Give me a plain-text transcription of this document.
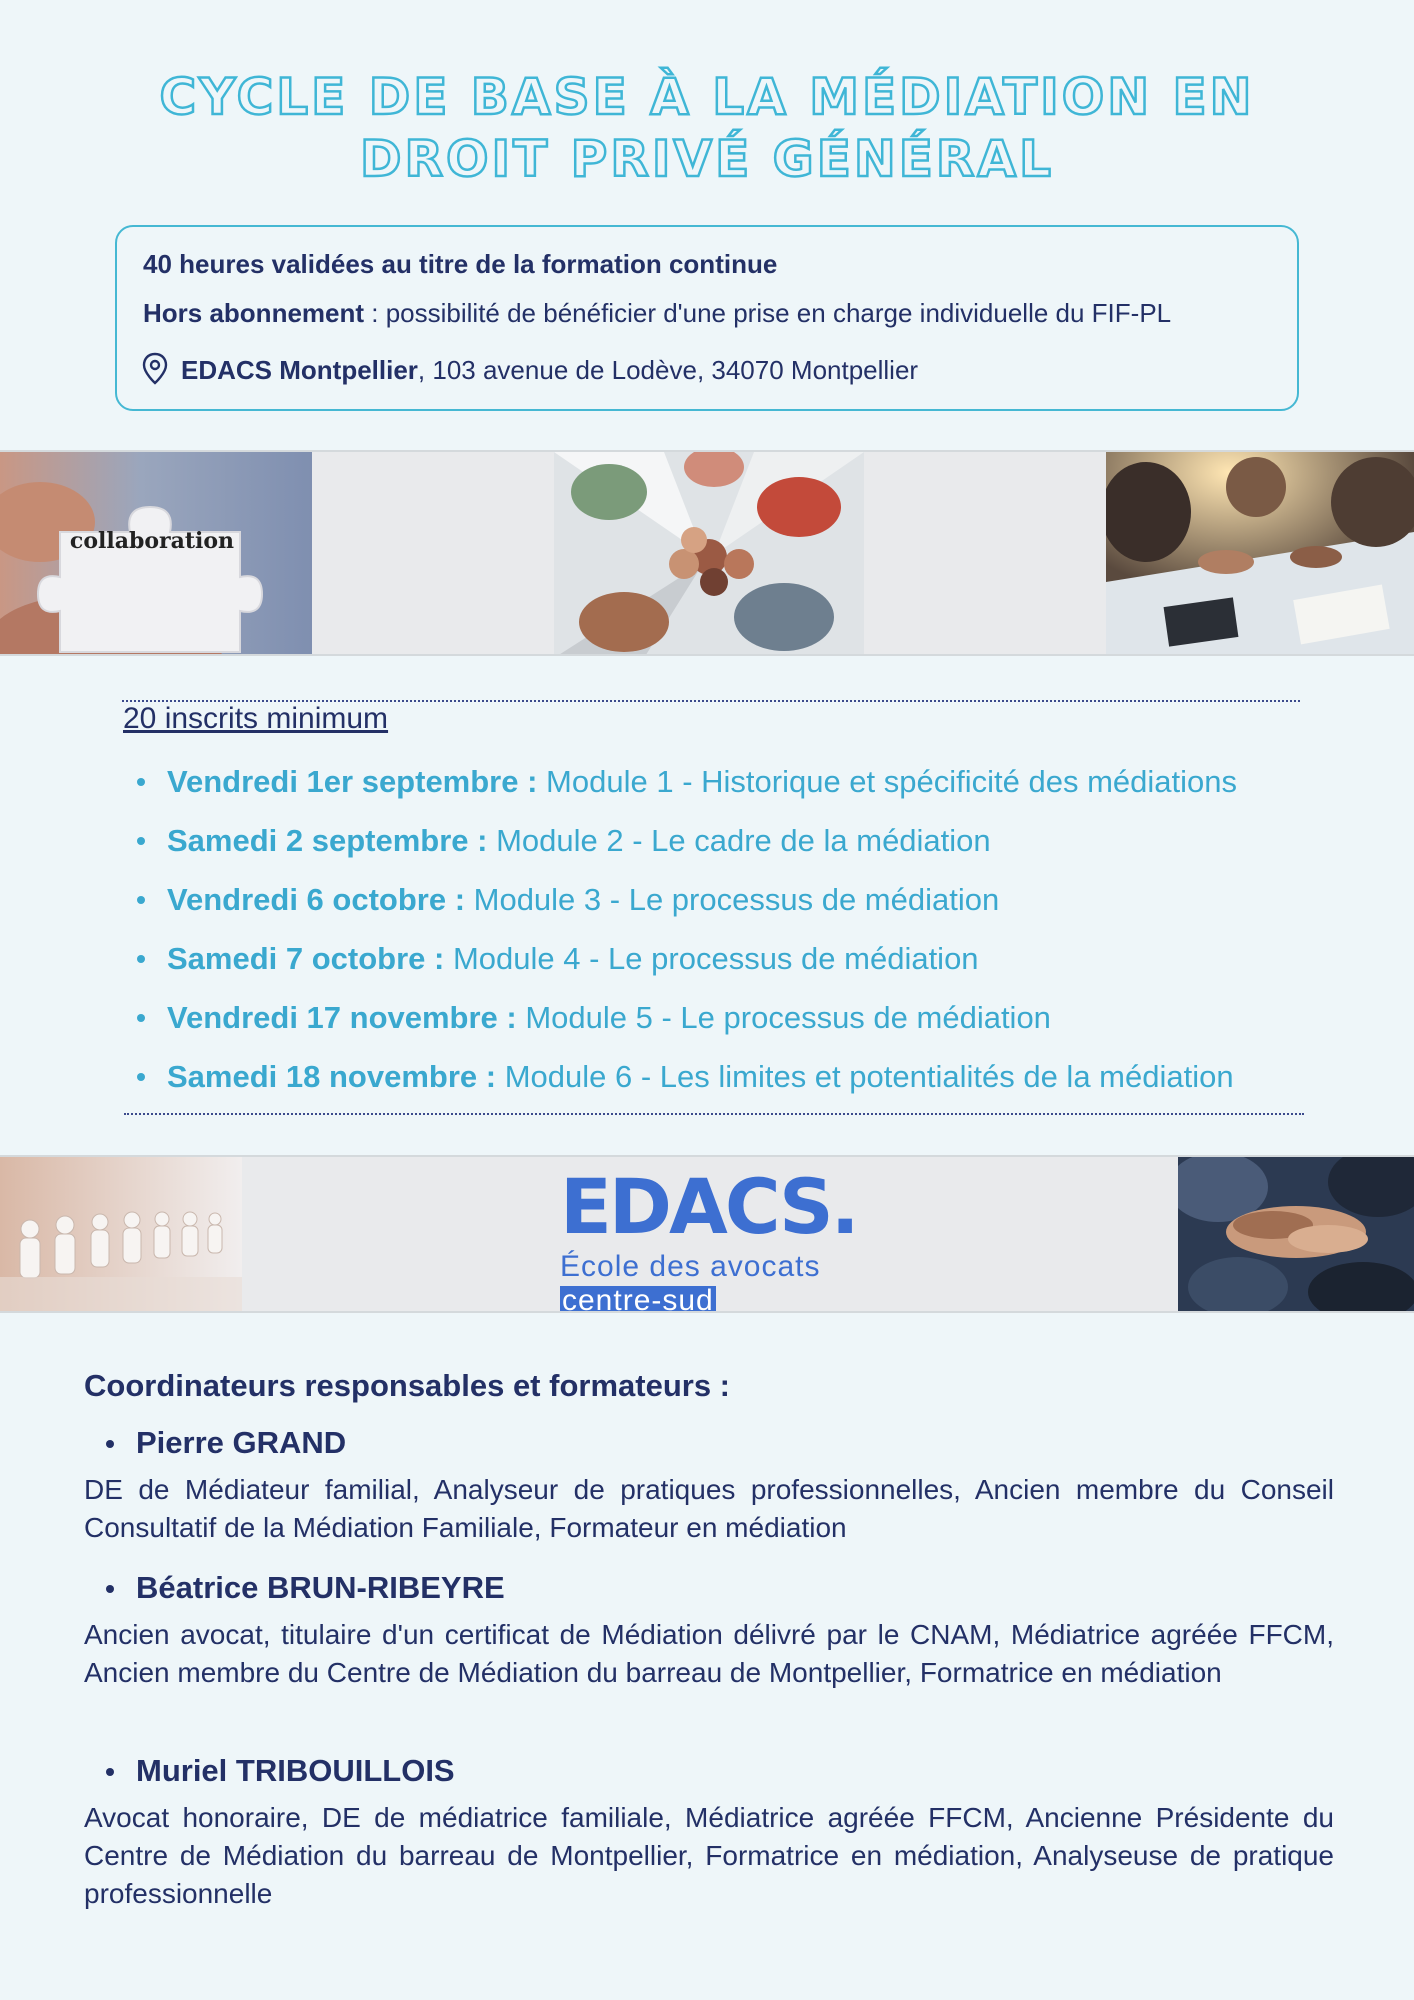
CYCLE DE BASE À LA MÉDIATION EN
DROIT PRIVÉ GÉNÉRAL
40 heures validées au titre de la formation continue
Hors abonnement : possibilité de bénéficier d'une prise en charge individuelle du FIF-PL
EDACS Montpellier, 103 avenue de Lodève, 34070 Montpellier
collaboration
20 inscrits minimum
Vendredi 1er septembre : Module 1 - Historique et spécificité des médiations
Samedi 2 septembre : Module 2 - Le cadre de la médiation
Vendredi 6 octobre : Module 3 - Le processus de médiation
Samedi 7 octobre : Module 4 - Le processus de médiation
Vendredi 17 novembre : Module 5 - Le processus de médiation
Samedi 18 novembre : Module 6 - Les limites et potentialités de la médiation
EDACS.
École des avocats
centre-sud
Coordinateurs responsables et formateurs :
Pierre GRAND
DE de Médiateur familial, Analyseur de pratiques professionnelles, Ancien membre du Conseil Consultatif de la Médiation Familiale, Formateur en médiation
Béatrice BRUN-RIBEYRE
Ancien avocat, titulaire d'un certificat de Médiation délivré par le CNAM, Médiatrice agréée FFCM, Ancien membre du Centre de Médiation du barreau de Montpellier, Formatrice en médiation
Muriel TRIBOUILLOIS
Avocat honoraire, DE de médiatrice familiale, Médiatrice agréée FFCM, Ancienne Présidente du Centre de Médiation du barreau de Montpellier, Formatrice en médiation, Analyseuse de pratique professionnelle
